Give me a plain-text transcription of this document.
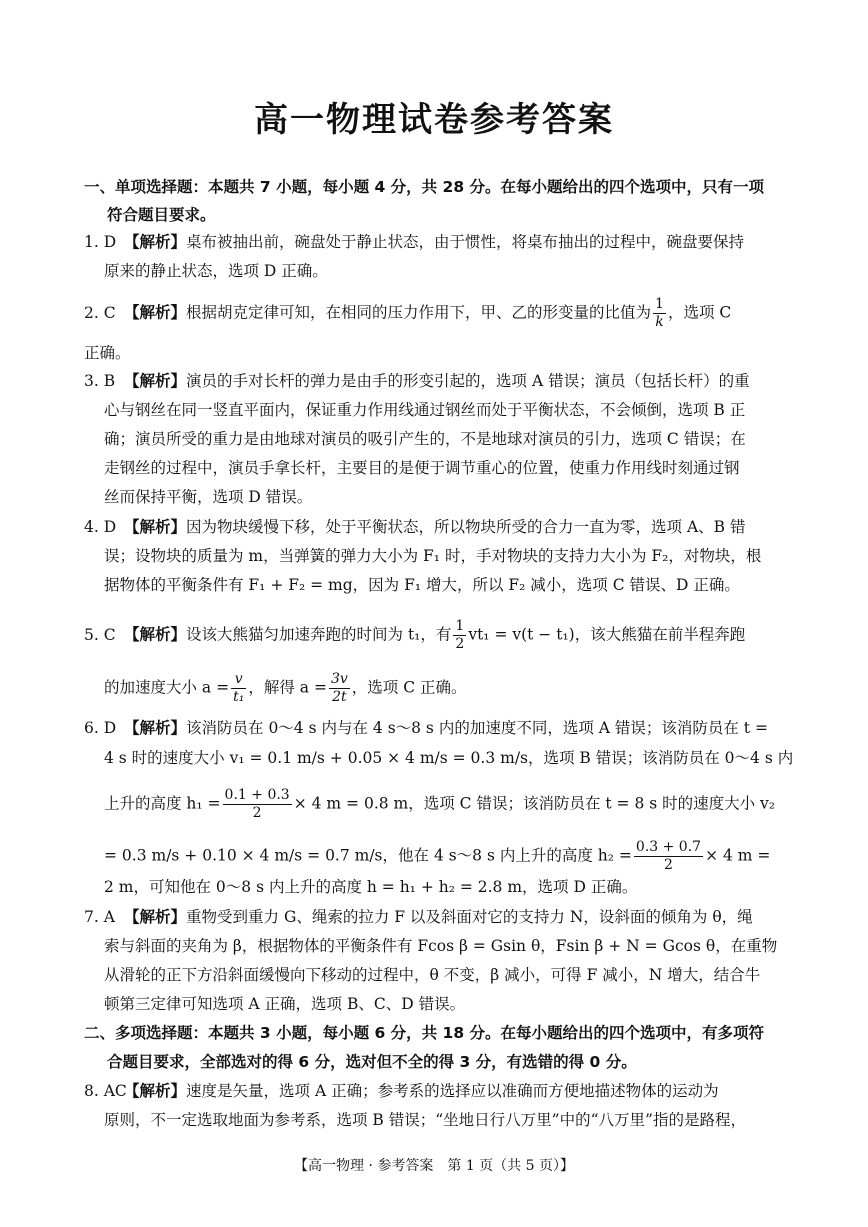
高一物理试卷参考答案
一、单项选择题：本题共 7 小题，每小题 4 分，共 28 分。在每小题给出的四个选项中，只有一项
符合题目要求。
1. D 【解析】桌布被抽出前，碗盘处于静止状态，由于惯性，将桌布抽出的过程中，碗盘要保持
原来的静止状态，选项 D 正确。
2. C 【解析】根据胡克定律可知，在相同的压力作用下，甲、乙的形变量的比值为 $\frac{1}{k}$ ，选项 C
正确。
3. B 【解析】演员的手对长杆的弹力是由手的形变引起的，选项 A 错误；演员（包括长杆）的重
心与钢丝在同一竖直平面内，保证重力作用线通过钢丝而处于平衡状态，不会倾倒，选项 B 正
确；演员所受的重力是由地球对演员的吸引产生的，不是地球对演员的引力，选项 C 错误；在
走钢丝的过程中，演员手拿长杆，主要目的是便于调节重心的位置，使重力作用线时刻通过钢
丝而保持平衡，选项 D 错误。
4. D 【解析】因为物块缓慢下移，处于平衡状态，所以物块所受的合力一直为零，选项 A、B 错
误；设物块的质量为 m，当弹簧的弹力大小为 F₁ 时，手对物块的支持力大小为 F₂，对物块，根
据物体的平衡条件有 F₁ + F₂ = mg，因为 F₁ 增大，所以 F₂ 减小，选项 C 错误、D 正确。
5. C 【解析】设该大熊猫匀加速奔跑的时间为 t₁，有 $\frac{1}{2} vt_1 = v(t - t_1)$，该大熊猫在前半程奔跑
的加速度大小 $a = \frac{v}{\text{t₁}}$ ，解得 $a = \frac{3v}{2t}$ ，选项 C 正确。
6. D 【解析】该消防员在 0～4 s 内与在 4 s～8 s 内的加速度不同，选项 A 错误；该消防员在 t =
4 s 时的速度大小 v₁ = 0.1 m/s + 0.05 × 4 m/s = 0.3 m/s，选项 B 错误；该消防员在 0～4 s 内
上升的高度 $h_1 = \frac{0.1 + 0.3}{2} \times 4$ m = 0.8 m，选项 C 错误；该消防员在 t = 8 s 时的速度大小 v₂
= 0.3 m/s + 0.10 × 4 m/s = 0.7 m/s，他在 4 s～8 s 内上升的高度 $h_2 = \frac{0.3 + 0.7}{2} \times 4$ m =
2 m，可知他在 0～8 s 内上升的高度 h = h₁ + h₂ = 2.8 m，选项 D 正确。
7. A 【解析】重物受到重力 G、绳索的拉力 F 以及斜面对它的支持力 N，设斜面的倾角为 θ，绳
索与斜面的夹角为 β，根据物体的平衡条件有 Fcos β = Gsin θ，Fsin β + N = Gcos θ，在重物
从滑轮的正下方沿斜面缓慢向下移动的过程中，θ 不变，β 减小，可得 F 减小，N 增大，结合牛
顿第三定律可知选项 A 正确，选项 B、C、D 错误。
二、多项选择题：本题共 3 小题，每小题 6 分，共 18 分。在每小题给出的四个选项中，有多项符
合题目要求，全部选对的得 6 分，选对但不全的得 3 分，有选错的得 0 分。
8. AC【解析】速度是矢量，选项 A 正确；参考系的选择应以准确而方便地描述物体的运动为
原则，不一定选取地面为参考系，选项 B 错误；“坐地日行八万里”中的“八万里”指的是路程，
【高一物理 · 参考答案　第 1 页（共 5 页）】
